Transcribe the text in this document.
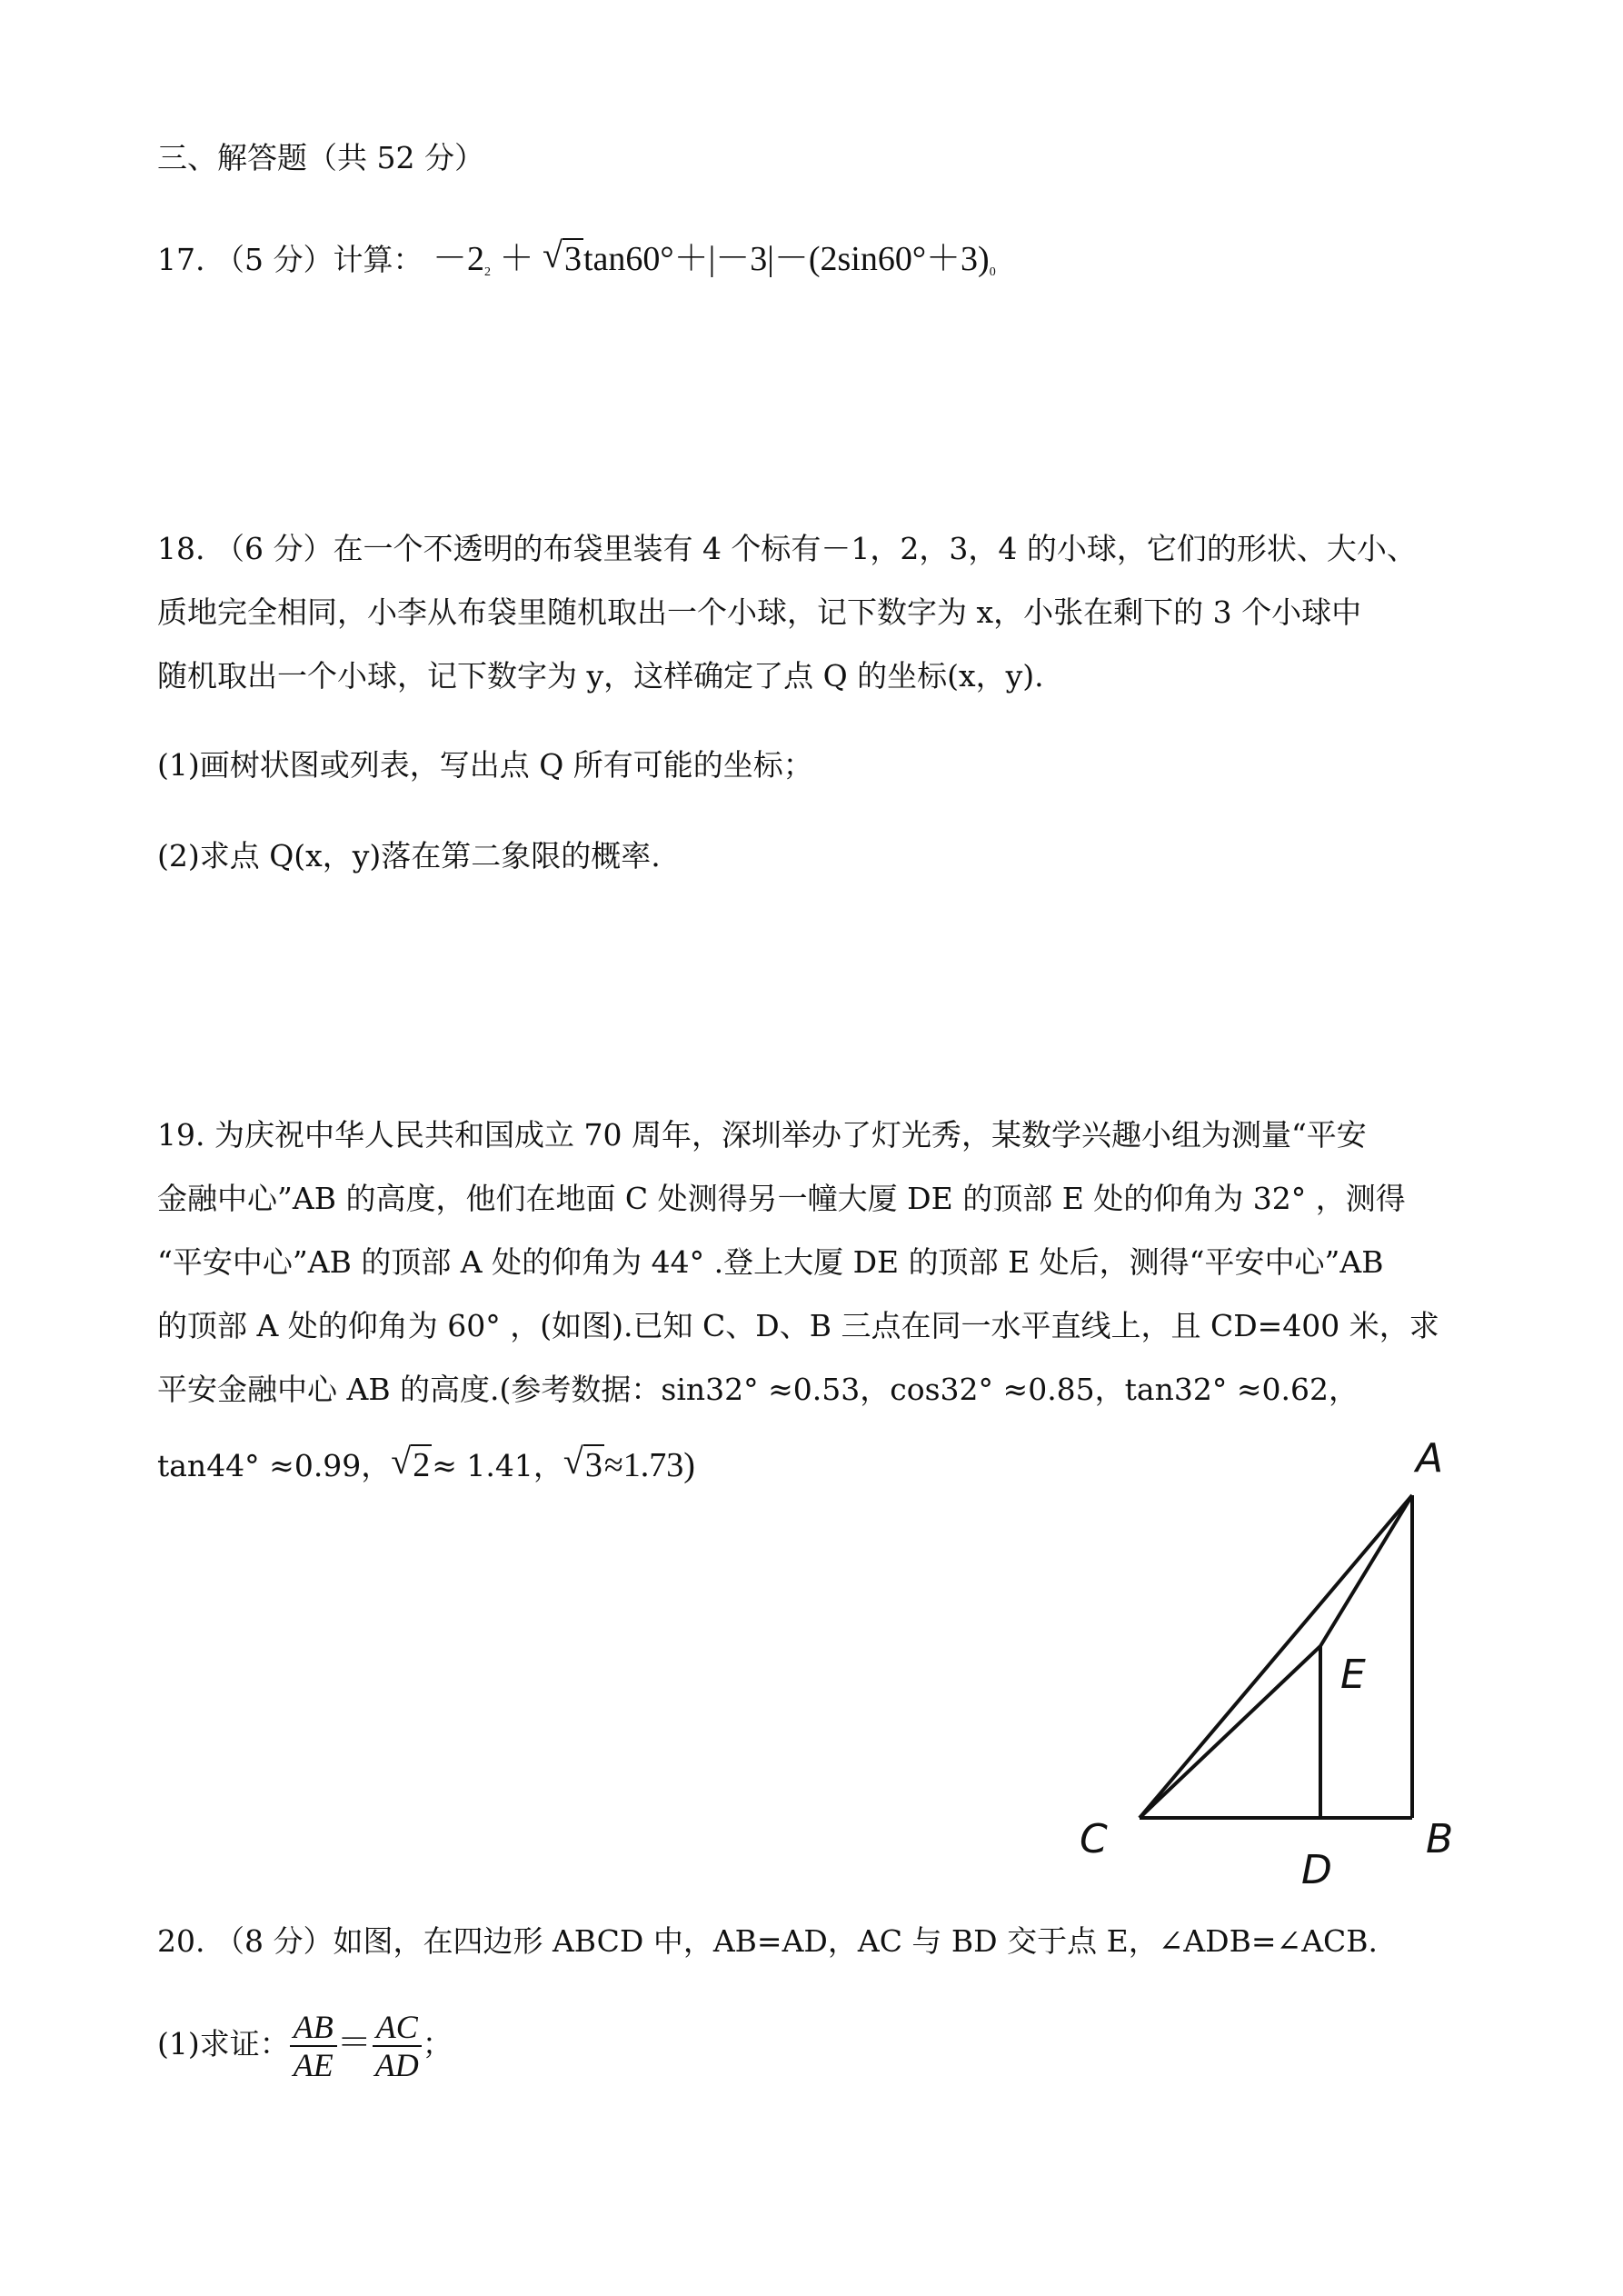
三、解答题（共 52 分）
17. （5 分）计算： $-2_2$ ＋ √ $3\tan 60^\circ+|-3|-(2\sin 60^\circ+3)_0$
18. （6 分）在一个不透明的布袋里装有 4 个标有－1，2，3，4 的小球，它们的形状、大小、
质地完全相同，小李从布袋里随机取出一个小球，记下数字为 x，小张在剩下的 3 个小球中
随机取出一个小球，记下数字为 y，这样确定了点 Q 的坐标(x，y).
(1)画树状图或列表，写出点 Q 所有可能的坐标；
(2)求点 Q(x，y)落在第二象限的概率.
19. 为庆祝中华人民共和国成立 70 周年，深圳举办了灯光秀，某数学兴趣小组为测量“平安
金融中心”AB 的高度，他们在地面 C 处测得另一幢大厦 DE 的顶部 E 处的仰角为 32° ，测得
“平安中心”AB 的顶部 A 处的仰角为 44° .登上大厦 DE 的顶部 E 处后，测得“平安中心”AB
的顶部 A 处的仰角为 60° ，(如图).已知 C、D、B 三点在同一水平直线上，且 CD=400 米，求
平安金融中心 AB 的高度.(参考数据：sin32° ≈0.53，cos32° ≈0.85，tan32° ≈0.62，
tan44° ≈0.99， √ 2≈ 1.41， √ 3≈1.73)	A
E
C
D
B
20. （8 分）如图，在四边形 ABCD 中，AB=AD，AC 与 BD 交于点 E，∠ADB=∠ACB.
(1)求证： $\frac{AB}{AE} = \frac{AC}{AD}$ ；
